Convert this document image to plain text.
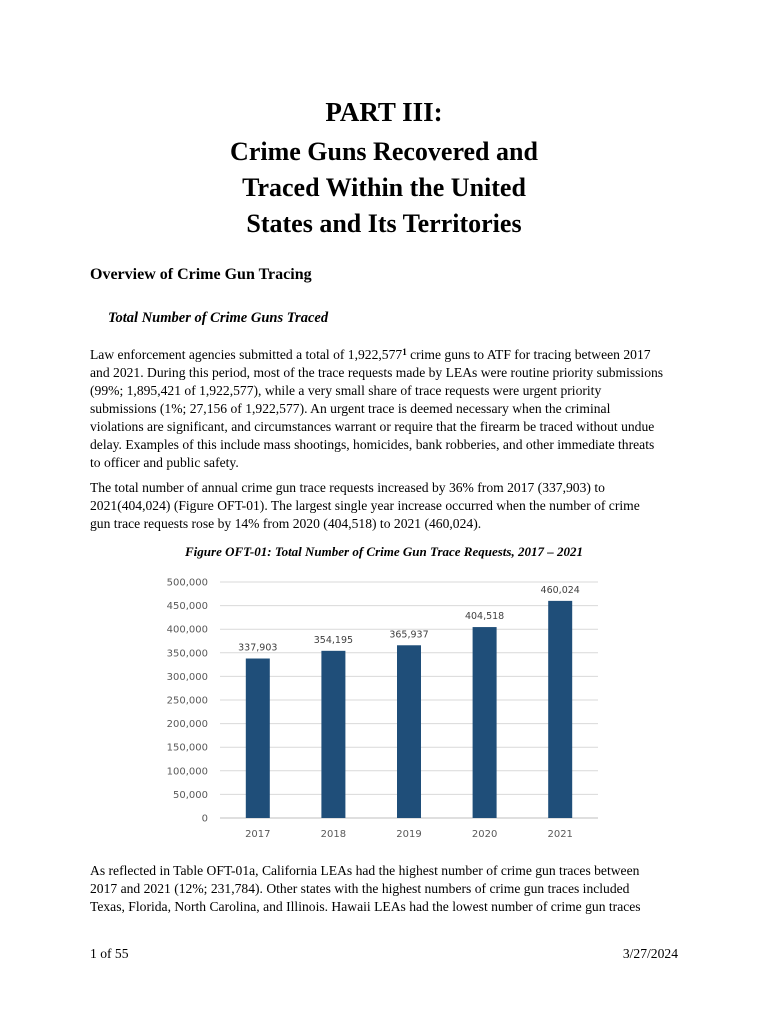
PART III:
Crime Guns Recovered and
Traced Within the United
States and Its Territories
Overview of Crime Gun Tracing
Total Number of Crime Guns Traced
Law enforcement agencies submitted a total of 1,922,577$^1$ crime guns to ATF for tracing between 2017
and 2021. During this period, most of the trace requests made by LEAs were routine priority submissions
(99%; 1,895,421 of 1,922,577), while a very small share of trace requests were urgent priority
submissions (1%; 27,156 of 1,922,577). An urgent trace is deemed necessary when the criminal
violations are significant, and circumstances warrant or require that the firearm be traced without undue
delay. Examples of this include mass shootings, homicides, bank robberies, and other immediate threats
to officer and public safety.
The total number of annual crime gun trace requests increased by 36% from 2017 (337,903) to
2021(404,024) (Figure OFT-01). The largest single year increase occurred when the number of crime
gun trace requests rose by 14% from 2020 (404,518) to 2021 (460,024).
Figure OFT-01: Total Number of Crime Gun Trace Requests, 2017 – 2021
0
50,000
100,000
150,000
200,000
250,000
300,000
350,000
400,000
450,000
500,000
337,903
2017
354,195
2018
365,937
2019
404,518
2020
460,024
2021
As reflected in Table OFT-01a, California LEAs had the highest number of crime gun traces between
2017 and 2021 (12%; 231,784). Other states with the highest numbers of crime gun traces included
Texas, Florida, North Carolina, and Illinois. Hawaii LEAs had the lowest number of crime gun traces
1 of 55	3/27/2024
